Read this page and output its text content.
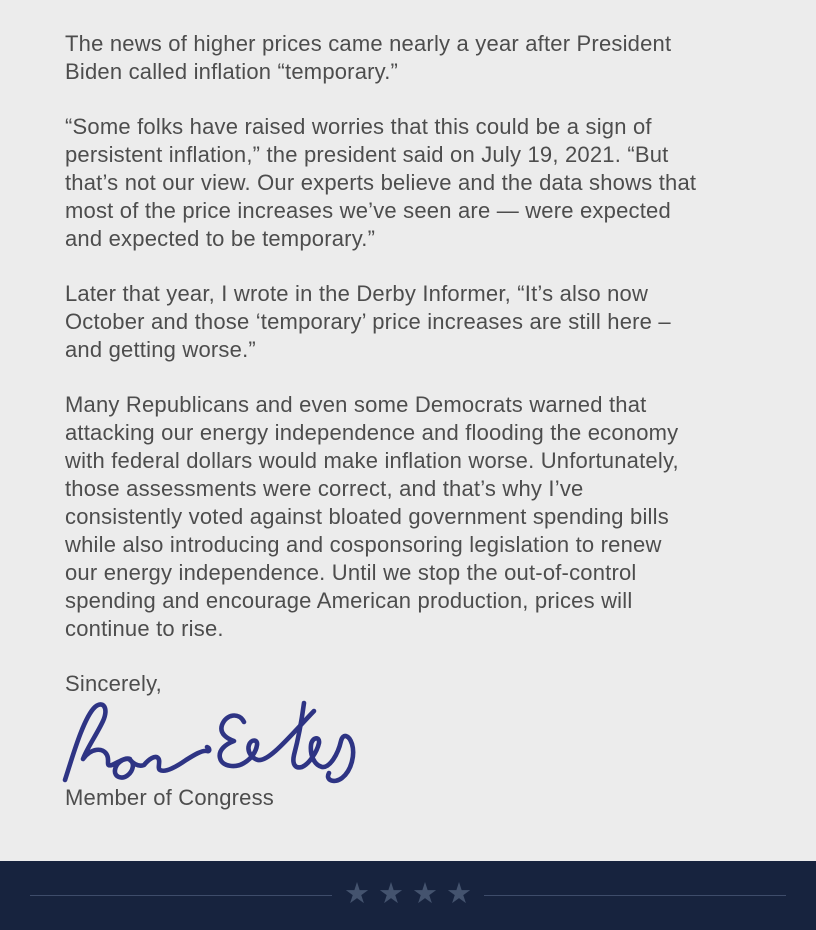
The news of higher prices came nearly a year after President
Biden called inflation “temporary.”

“Some folks have raised worries that this could be a sign of
persistent inflation,” the president said on July 19, 2021. “But
that’s not our view. Our experts believe and the data shows that
most of the price increases we’ve seen are — were expected
and expected to be temporary.”

Later that year, I wrote in the Derby Informer, “It’s also now
October and those ‘temporary’ price increases are still here –
and getting worse.”

Many Republicans and even some Democrats warned that
attacking our energy independence and flooding the economy
with federal dollars would make inflation worse. Unfortunately,
those assessments were correct, and that’s why I’ve
consistently voted against bloated government spending bills
while also introducing and cosponsoring legislation to renew
our energy independence. Until we stop the out-of-control
spending and encourage American production, prices will
continue to rise.

Sincerely,

Member of Congress

★ ★ ★ ★
